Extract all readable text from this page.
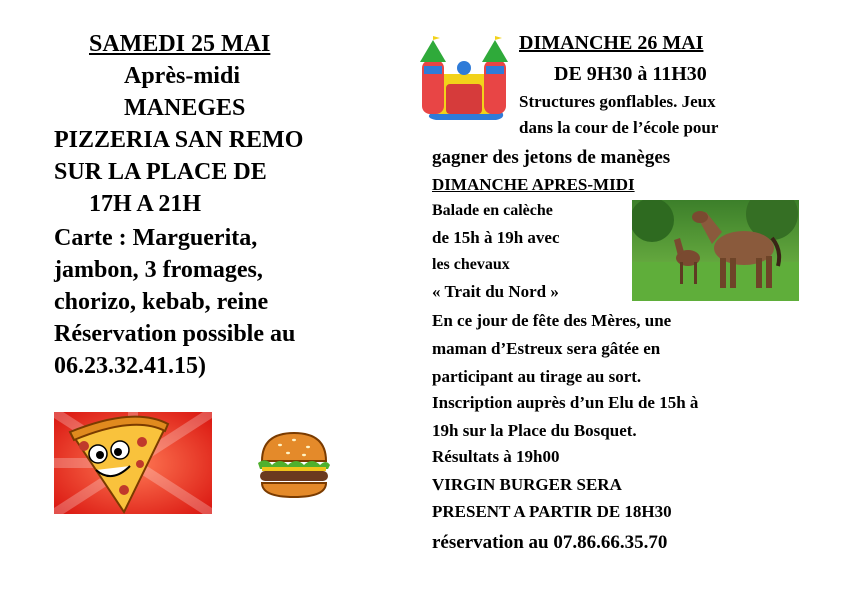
SAMEDI 25 MAI

Après-midi

MANEGES

PIZZERIA SAN REMO

SUR LA PLACE DE

17H A 21H

Carte : Marguerita,

jambon, 3 fromages,

chorizo, kebab, reine

Réservation possible au

06.23.32.41.15)

DIMANCHE 26 MAI

DE 9H30 à 11H30

Structures gonflables. Jeux

dans la cour de l’école pour

gagner des jetons de manèges

DIMANCHE APRES-MIDI

Balade en calèche

de 15h à 19h avec

les chevaux

« Trait du Nord »

En ce jour de fête des Mères, une

maman d’Estreux sera gâtée en

participant au tirage au sort.

Inscription auprès d’un Elu de 15h à

19h sur la Place du Bosquet.

Résultats à 19h00

VIRGIN BURGER SERA

PRESENT A PARTIR DE 18H30

réservation au 07.86.66.35.70
